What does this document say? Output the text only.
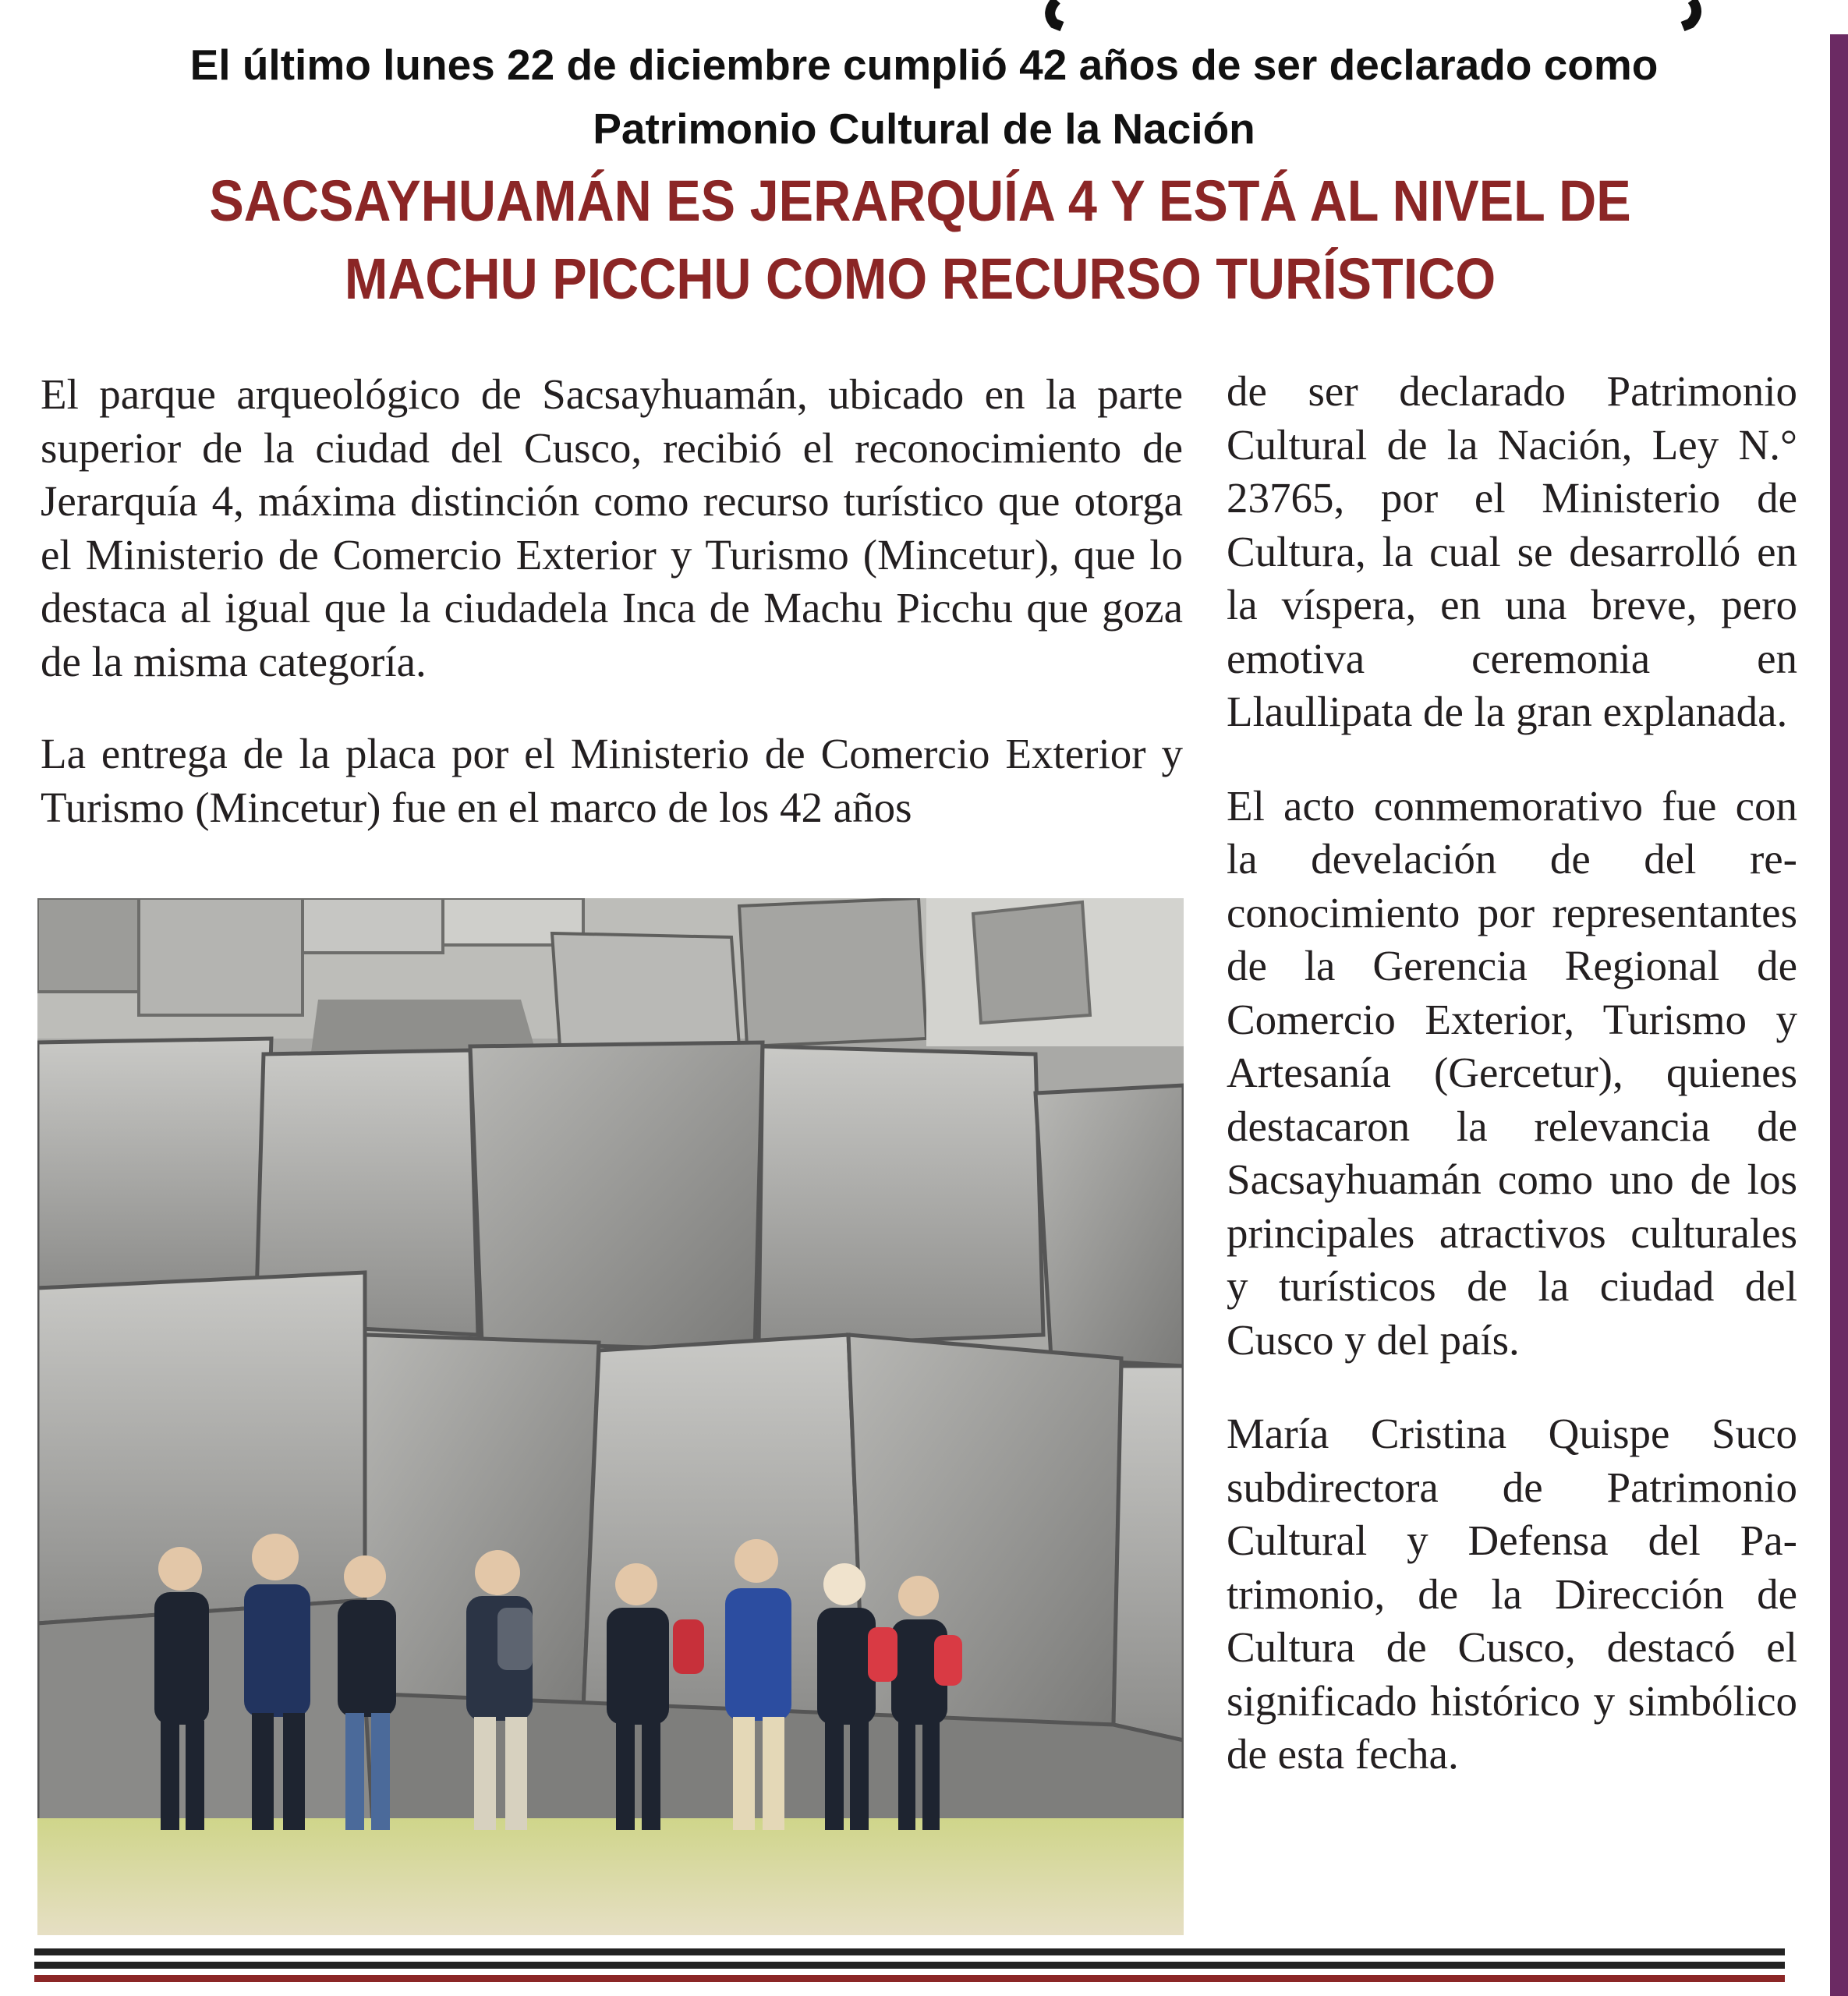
El último lunes 22 de diciembre cumplió 42 años de ser declarado como Patrimonio Cultural de la Nación
SACSAYHUAMÁN ES JERARQUÍA 4 Y ESTÁ AL NIVEL DE MACHU PICCHU COMO RECURSO TURÍSTICO

El parque arqueológico de Sacsayhuamán, ubicado en la parte superior de la ciudad del Cusco, recibió el reconocimiento de Jerarquía 4, máxima distinción como recurso turístico que otorga el Ministerio de Comercio Exterior y Turismo (Mincetur), que lo destaca al igual que la ciudadela Inca de Machu Picchu que goza de la misma categoría.

La entrega de la placa por el Ministerio de Comercio Exterior y Turismo (Mincetur) fue en el marco de los 42 años

de ser declarado Patrimonio Cultural de la Nación, Ley N.° 23765, por el Ministerio de Cultura, la cual se desarrolló en la víspera, en una breve, pero emotiva ceremonia en Llaullipata de la gran explanada.

El acto conmemorativo fue con la develación de del reconocimiento por representantes de la Gerencia Regional de Comercio Exterior, Turismo y Artesanía (Gercetur), quienes destacaron la relevancia de Sacsayhuamán como uno de los principales atractivos culturales y turísticos de la ciudad del Cusco y del país.

María Cristina Quispe Suco subdirectora de Patrimonio Cultural y Defensa del Patrimonio, de la Dirección de Cultura de Cusco, destacó el significado histórico y simbólico de esta fecha.
